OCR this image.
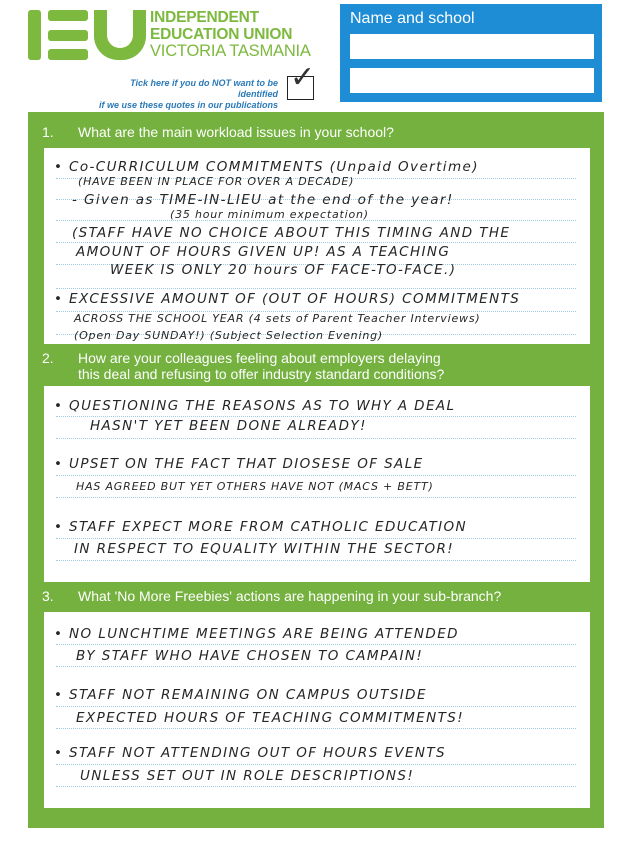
INDEPENDENT
EDUCATION UNION
VICTORIA TASMANIA
Tick here if you do NOT want to be identified
if we use these quotes in our publications
✓
Name and school
1. What are the main workload issues in your school?
• Co-CURRICULUM COMMITMENTS (Unpaid Overtime)
(HAVE BEEN IN PLACE FOR OVER A DECADE)
- Given as TIME-IN-LIEU at the end of the year!
(35 hour minimum expectation)
(STAFF HAVE NO CHOICE ABOUT THIS TIMING AND THE
AMOUNT OF HOURS GIVEN UP! AS A TEACHING
WEEK IS ONLY 20 hours OF FACE-TO-FACE.)
• EXCESSIVE AMOUNT OF (OUT OF HOURS) COMMITMENTS
ACROSS THE SCHOOL YEAR (4 sets of Parent Teacher Interviews)
(Open Day SUNDAY!) (Subject Selection Evening)
2. How are your colleagues feeling about employers delaying
this deal and refusing to offer industry standard conditions?
• QUESTIONING THE REASONS AS TO WHY A DEAL
HASN'T YET BEEN DONE ALREADY!
• UPSET ON THE FACT THAT DIOSESE OF SALE
HAS AGREED BUT YET OTHERS HAVE NOT (MACS + BETT)
• STAFF EXPECT MORE FROM CATHOLIC EDUCATION
IN RESPECT TO EQUALITY WITHIN THE SECTOR!
3. What 'No More Freebies' actions are happening in your sub-branch?
• NO LUNCHTIME MEETINGS ARE BEING ATTENDED
BY STAFF WHO HAVE CHOSEN TO CAMPAIN!
• STAFF NOT REMAINING ON CAMPUS OUTSIDE
EXPECTED HOURS OF TEACHING COMMITMENTS!
• STAFF NOT ATTENDING OUT OF HOURS EVENTS
UNLESS SET OUT IN ROLE DESCRIPTIONS!
